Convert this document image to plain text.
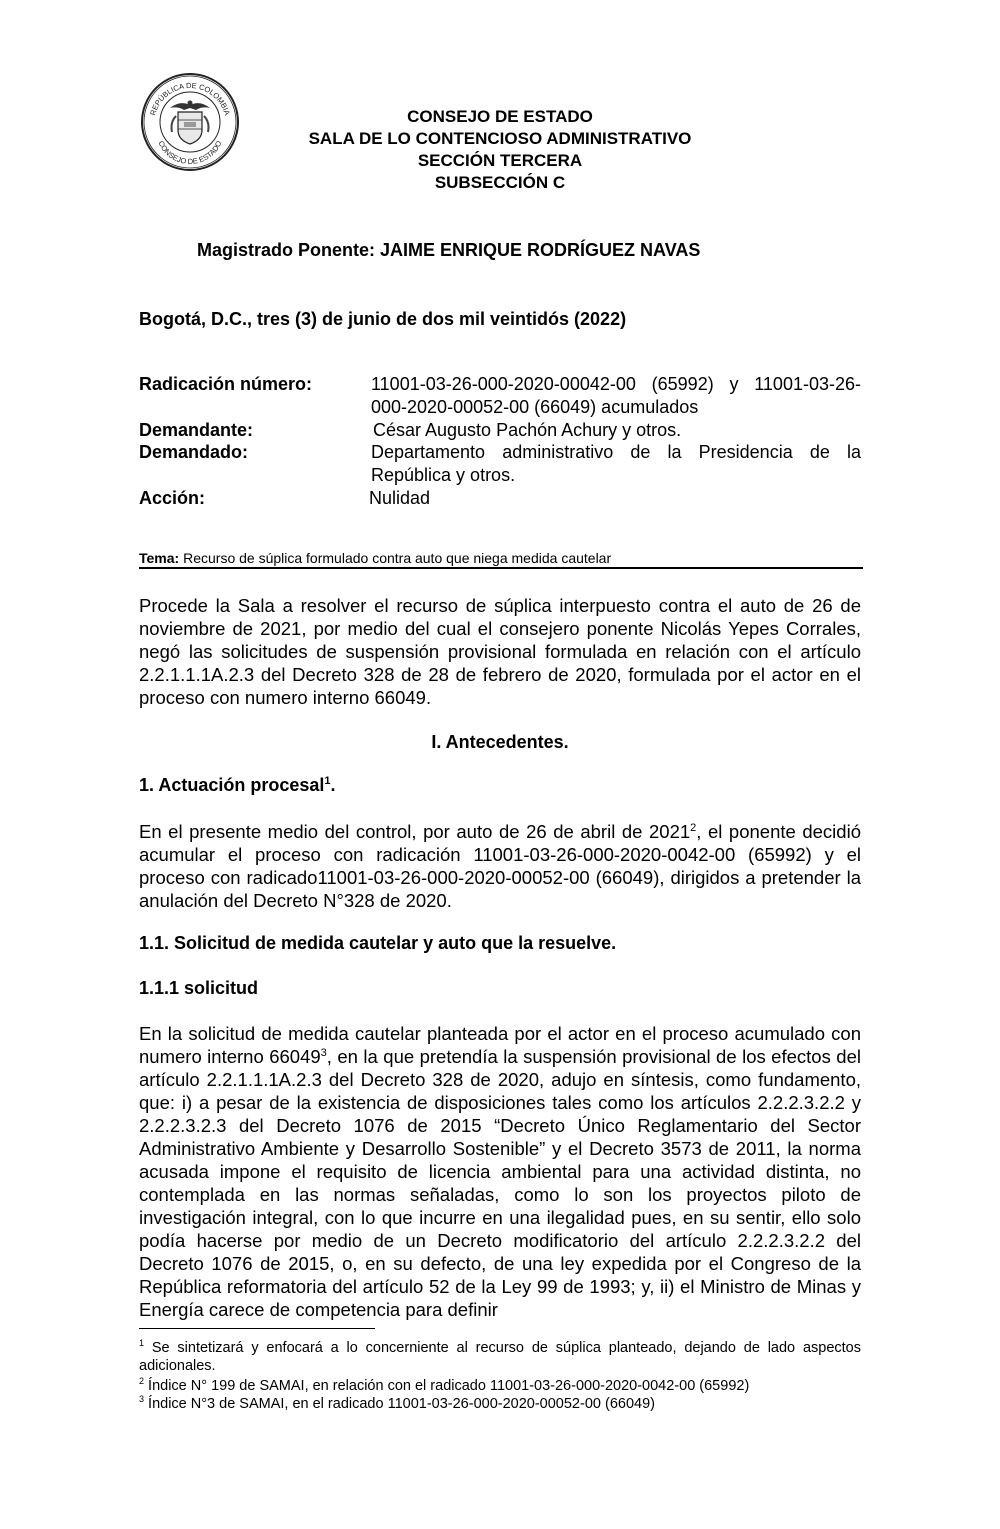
REPÚBLICA DE COLOMBIA
CONSEJO DE ESTADO
CONSEJO DE ESTADO
SALA DE LO CONTENCIOSO ADMINISTRATIVO
SECCIÓN TERCERA
SUBSECCIÓN C
Magistrado Ponente: JAIME ENRIQUE RODRÍGUEZ NAVAS
Bogotá, D.C., tres (3) de junio de dos mil veintidós (2022)
Radicación número:	11001-03-26-000-2020-00042-00 (65992) y 11001-03-26-000-2020-00052-00 (66049) acumulados
Demandante:	César Augusto Pachón Achury y otros.
Demandado:	Departamento administrativo de la Presidencia de la República y otros.
Acción:	Nulidad
Tema: Recurso de súplica formulado contra auto que niega medida cautelar

Procede la Sala a resolver el recurso de súplica interpuesto contra el auto de 26 de noviembre de 2021, por medio del cual el consejero ponente Nicolás Yepes Corrales, negó las solicitudes de suspensión provisional formulada en relación con el artículo 2.2.1.1.1A.2.3 del Decreto 328 de 28 de febrero de 2020, formulada por el actor en el proceso con numero interno 66049.

I. Antecedentes.
1. Actuación procesal$^1$.

En el presente medio del control, por auto de 26 de abril de 2021$^2$, el ponente decidió acumular el proceso con radicación 11001-03-26-000-2020-0042-00 (65992) y el proceso con radicado11001-03-26-000-2020-00052-00 (66049), dirigidos a pretender la anulación del Decreto N°328 de 2020.

1.1. Solicitud de medida cautelar y auto que la resuelve.
1.1.1 solicitud

En la solicitud de medida cautelar planteada por el actor en el proceso acumulado con numero interno 66049$^3$, en la que pretendía la suspensión provisional de los efectos del artículo 2.2.1.1.1A.2.3 del Decreto 328 de 2020, adujo en síntesis, como fundamento, que: i) a pesar de la existencia de disposiciones tales como los artículos 2.2.2.3.2.2 y 2.2.2.3.2.3 del Decreto 1076 de 2015 “Decreto Único Reglamentario del Sector Administrativo Ambiente y Desarrollo Sostenible” y el Decreto 3573 de 2011, la norma acusada impone el requisito de licencia ambiental para una actividad distinta, no contemplada en las normas señaladas, como lo son los proyectos piloto de investigación integral, con lo que incurre en una ilegalidad pues, en su sentir, ello solo podía hacerse por medio de un Decreto modificatorio del artículo 2.2.2.3.2.2 del Decreto 1076 de 2015, o, en su defecto, de una ley expedida por el Congreso de la República reformatoria del artículo 52 de la Ley 99 de 1993; y, ii) el Ministro de Minas y Energía carece de competencia para definir

$^1$ Se sintetizará y enfocará a lo concerniente al recurso de súplica planteado, dejando de lado aspectos adicionales.

$^2$ Índice N° 199 de SAMAI, en relación con el radicado 11001-03-26-000-2020-0042-00 (65992)

$^3$ Índice N°3 de SAMAI, en el radicado 11001-03-26-000-2020-00052-00 (66049)
